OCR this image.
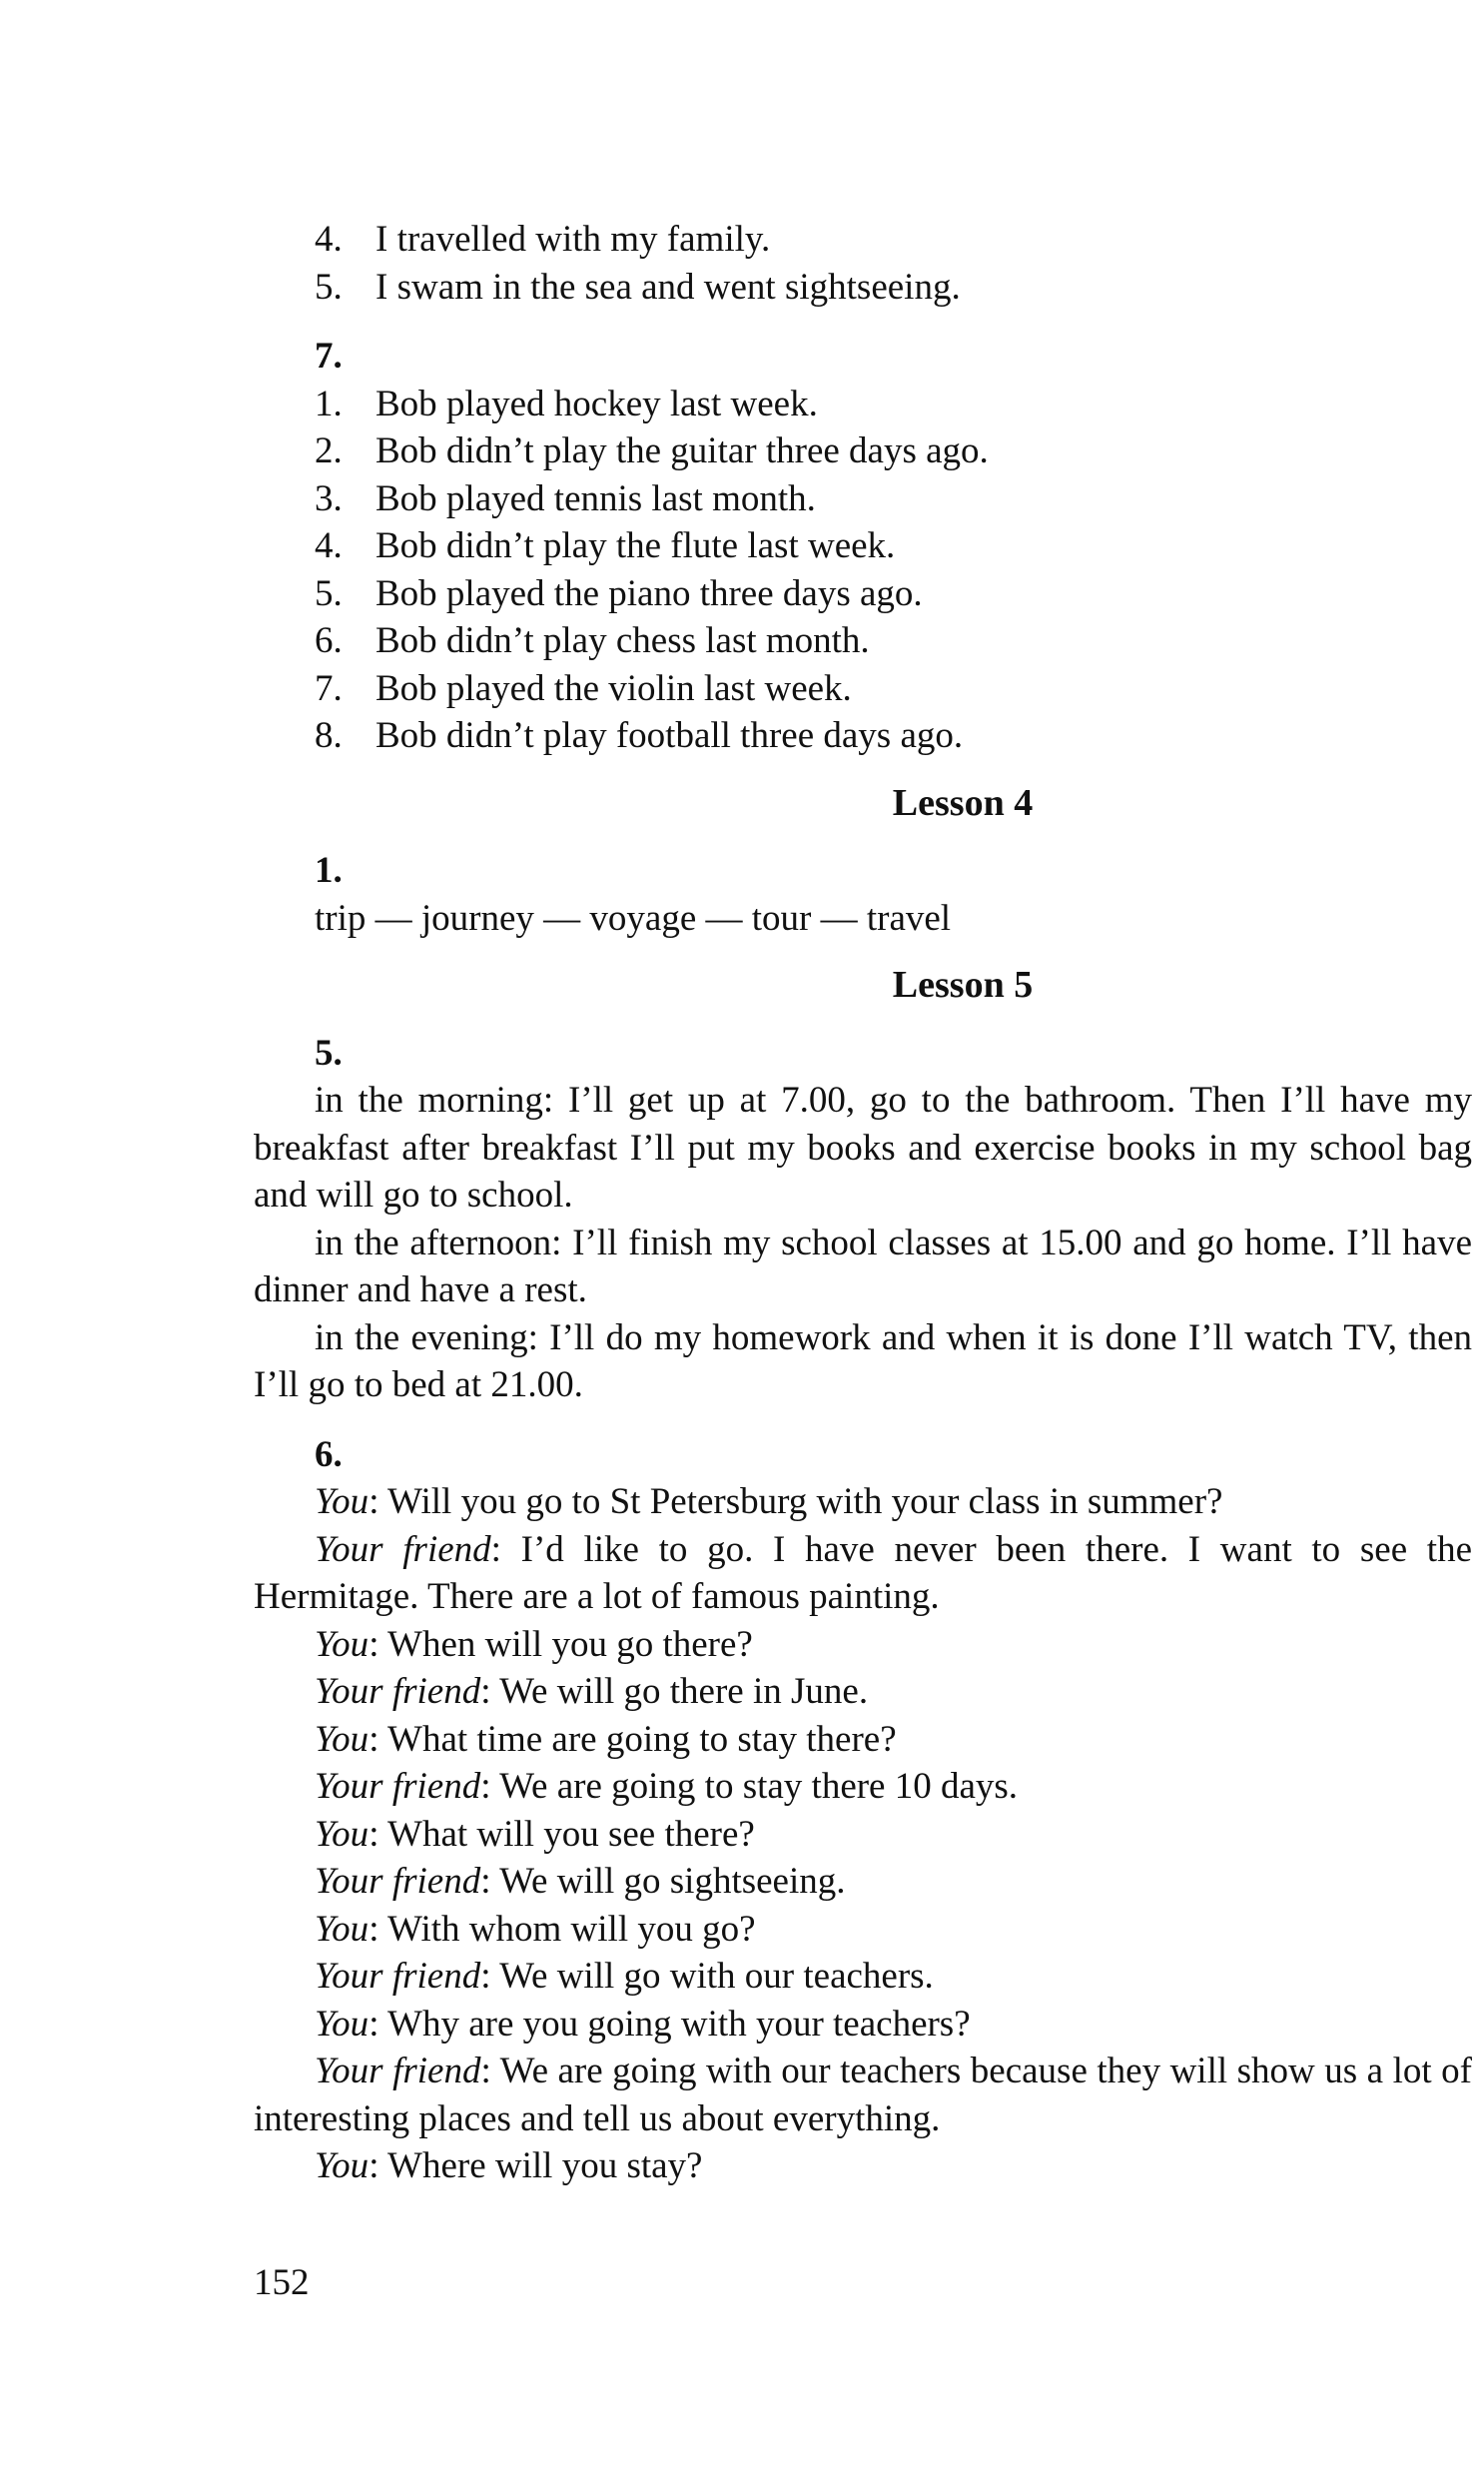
4. I travelled with my family.
5. I swam in the sea and went sightseeing.
7.
1. Bob played hockey last week.
2. Bob didn’t play the guitar three days ago.
3. Bob played tennis last month.
4. Bob didn’t play the flute last week.
5. Bob played the piano three days ago.
6. Bob didn’t play chess last month.
7. Bob played the violin last week.
8. Bob didn’t play football three days ago.
Lesson 4
1.
trip — journey — voyage — tour — travel
Lesson 5
5.

in the morning: I’ll get up at 7.00, go to the bathroom. Then I’ll have my breakfast after breakfast I’ll put my books and exercise books in my school bag and will go to school.

in the afternoon: I’ll finish my school classes at 15.00 and go home. I’ll have dinner and have a rest.

in the evening: I’ll do my homework and when it is done I’ll watch TV, then I’ll go to bed at 21.00.

6.

You: Will you go to St Petersburg with your class in summer?

Your friend: I’d like to go. I have never been there. I want to see the Hermitage. There are a lot of famous painting.

You: When will you go there?

Your friend: We will go there in June.

You: What time are going to stay there?

Your friend: We are going to stay there 10 days.

You: What will you see there?

Your friend: We will go sightseeing.

You: With whom will you go?

Your friend: We will go with our teachers.

You: Why are you going with your teachers?

Your friend: We are going with our teachers because they will show us a lot of interesting places and tell us about everything.

You: Where will you stay?

152
